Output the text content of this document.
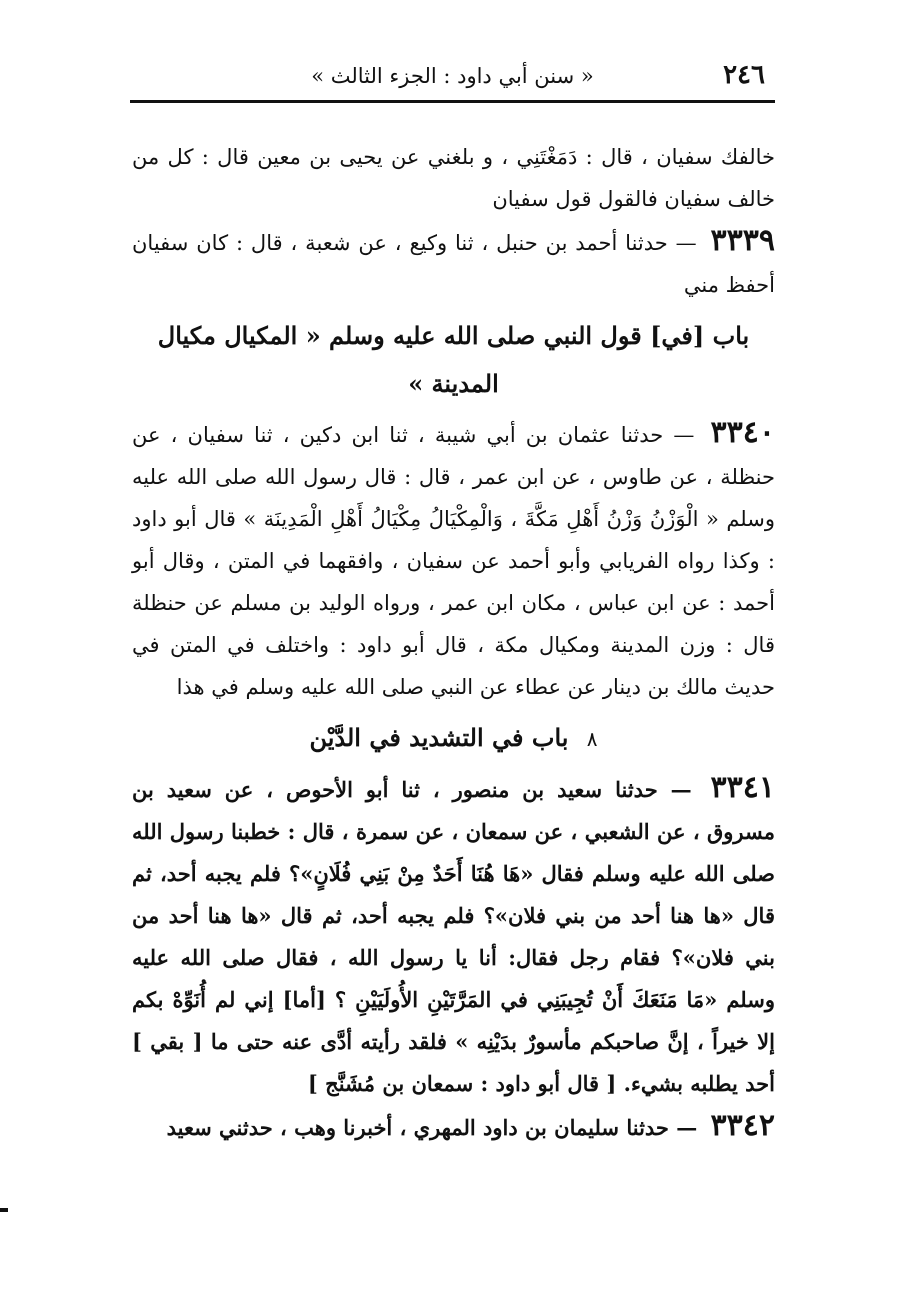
٢٤٦
« سنن أبي داود : الجزء الثالث »

خالفك سفيان ، قال : دَمَغْتَنِي ، و بلغني عن يحيى بن معين قال : كل من خالف سفيان فالقول قول سفيان

٣٣٣٩ — حدثنا أحمد بن حنبل ، ثنا وكيع ، عن شعبة ، قال : كان سفيان أحفظ مني

باب [في] قول النبي صلى الله عليه وسلم « المكيال مكيال المدينة »

٣٣٤٠ — حدثنا عثمان بن أبي شيبة ، ثنا ابن دكين ، ثنا سفيان ، عن حنظلة ، عن طاوس ، عن ابن عمر ، قال : قال رسول الله صلى الله عليه وسلم « الْوَزْنُ وَزْنُ أَهْلِ مَكَّةَ ، وَالْمِكْيَالُ مِكْيَالُ أَهْلِ الْمَدِينَة » قال أبو داود : وكذا رواه الفريابي وأبو أحمد عن سفيان ، وافقهما في المتن ، وقال أبو أحمد : عن ابن عباس ، مكان ابن عمر ، ورواه الوليد بن مسلم عن حنظلة قال : وزن المدينة ومكيال مكة ، قال أبو داود : واختلف في المتن في حديث مالك بن دينار عن عطاء عن النبي صلى الله عليه وسلم في هذا

٨ باب في التشديد في الدَّيْن

٣٣٤١ — حدثنا سعيد بن منصور ، ثنا أبو الأحوص ، عن سعيد بن مسروق ، عن الشعبي ، عن سمعان ، عن سمرة ، قال : خطبنا رسول الله صلى الله عليه وسلم فقال «هَا هُنَا أَحَدٌ مِنْ بَنِي فُلَانٍ»؟ فلم يجبه أحد، ثم قال «ها هنا أحد من بني فلان»؟ فلم يجبه أحد، ثم قال «ها هنا أحد من بني فلان»؟ فقام رجل فقال: أنا يا رسول الله ، فقال صلى الله عليه وسلم «مَا مَنَعَكَ أَنْ تُجِيبَنِي في المَرَّتَيْنِ الأُولَيَيْنِ ؟ [أما] إني لم أُنَوِّهْ بكم إلا خيراً ، إنَّ صاحبكم مأسورٌ بدَيْنِه » فلقد رأيته أدَّى عنه حتى ما [ بقي ] أحد يطلبه بشيء. [ قال أبو داود : سمعان بن مُشَنَّج ]

٣٣٤٢ — حدثنا سليمان بن داود المهري ، أخبرنا وهب ، حدثني سعيد
